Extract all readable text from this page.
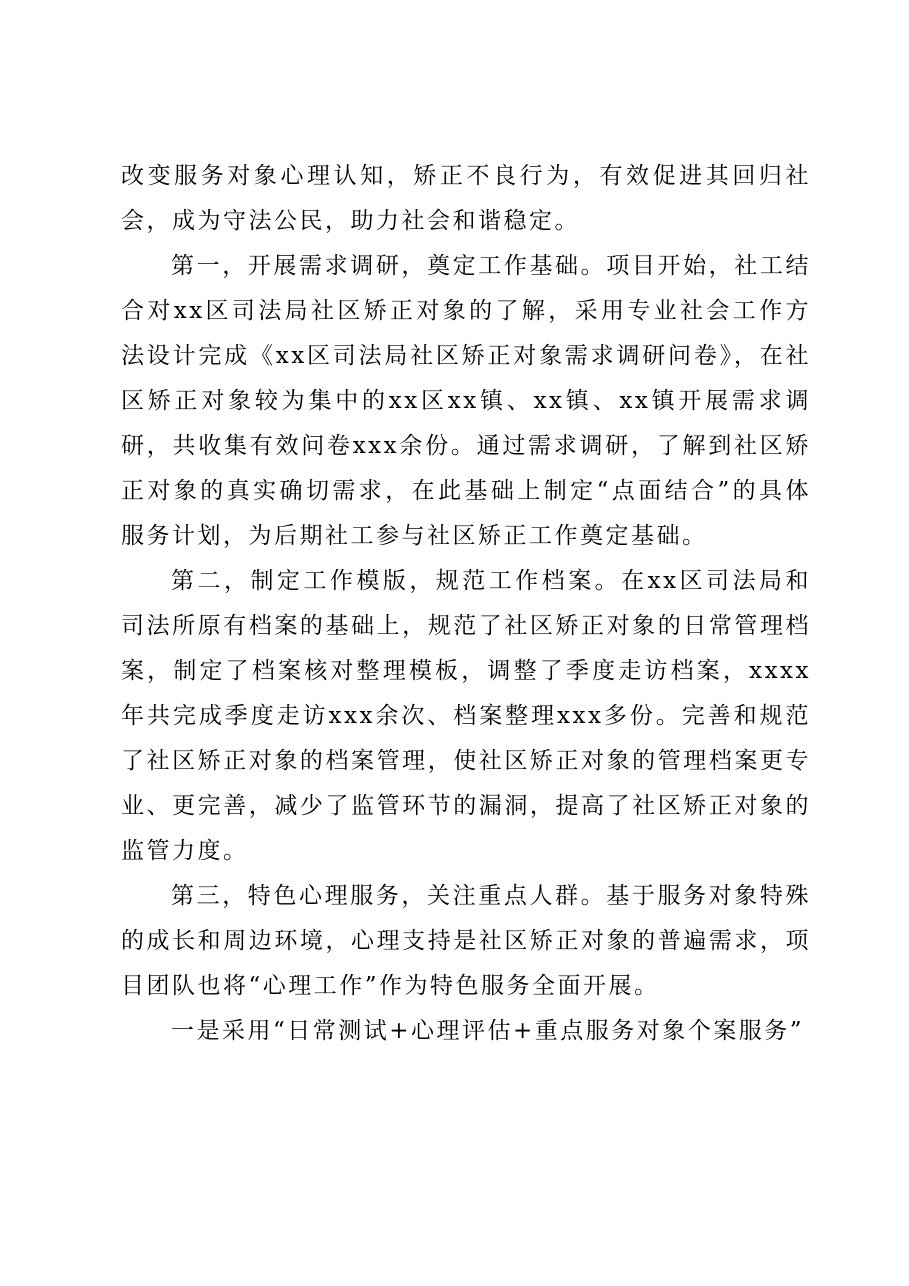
改变服务对象心理认知，矫正不良行为，有效促进其回归社会，成为守法公民，助力社会和谐稳定。

第一，开展需求调研，奠定工作基础。项目开始，社工结合对xx区司法局社区矫正对象的了解，采用专业社会工作方法设计完成《xx区司法局社区矫正对象需求调研问卷》，在社区矫正对象较为集中的xx区xx镇、xx镇、xx镇开展需求调研，共收集有效问卷xxx余份。通过需求调研，了解到社区矫正对象的真实确切需求，在此基础上制定“点面结合”的具体服务计划，为后期社工参与社区矫正工作奠定基础。

第二，制定工作模版，规范工作档案。在xx区司法局和司法所原有档案的基础上，规范了社区矫正对象的日常管理档案，制定了档案核对整理模板，调整了季度走访档案，xxxx年共完成季度走访xxx余次、档案整理xxx多份。完善和规范了社区矫正对象的档案管理，使社区矫正对象的管理档案更专业、更完善，减少了监管环节的漏洞，提高了社区矫正对象的监管力度。

第三，特色心理服务，关注重点人群。基于服务对象特殊的成长和周边环境，心理支持是社区矫正对象的普遍需求，项目团队也将“心理工作”作为特色服务全面开展。

一是采用“日常测试+心理评估+重点服务对象个案服务”
